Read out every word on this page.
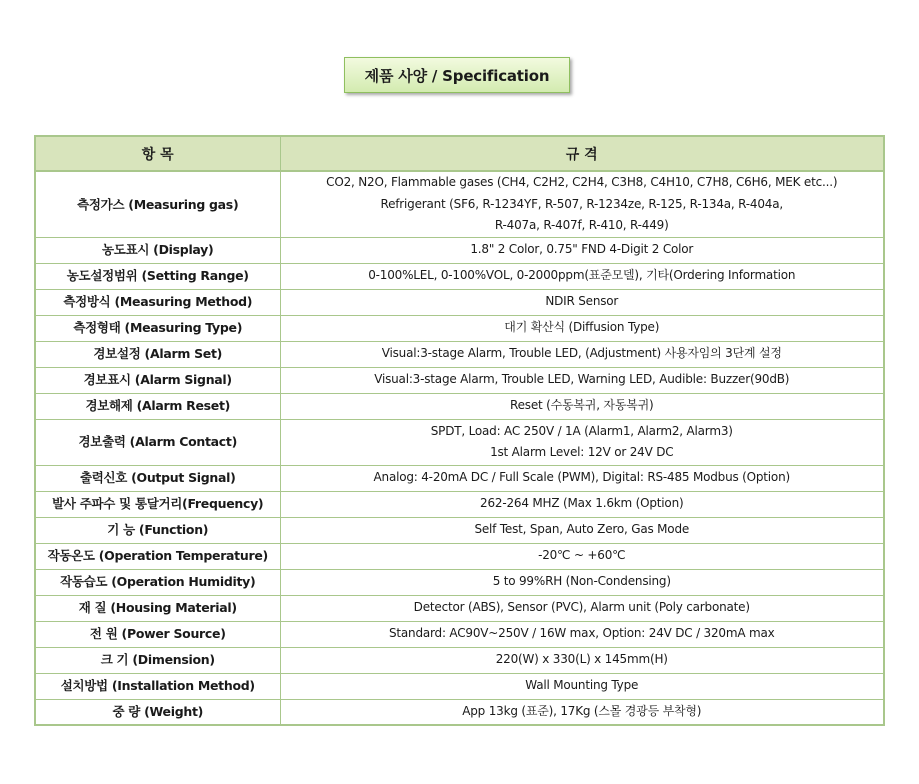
제품 사양 / Specification
항 목	규 격
측정가스 (Measuring gas)	CO2, N2O, Flammable gases (CH4, C2H2, C2H4, C3H8, C4H10, C7H8, C6H6, MEK etc...)
Refrigerant (SF6, R-1234YF, R-507, R-1234ze, R-125, R-134a, R-404a,
R-407a, R-407f, R-410, R-449)

농도표시 (Display)	1.8" 2 Color, 0.75" FND 4-Digit 2 Color

농도설정범위 (Setting Range)	0-100%LEL, 0-100%VOL, 0-2000ppm(표준모델), 기타(Ordering Information

측정방식 (Measuring Method)	NDIR Sensor

측정형태 (Measuring Type)	대기 확산식 (Diffusion Type)

경보설정 (Alarm Set)	Visual:3-stage Alarm, Trouble LED, (Adjustment) 사용자임의 3단계 설정

경보표시 (Alarm Signal)	Visual:3-stage Alarm, Trouble LED, Warning LED, Audible: Buzzer(90dB)

경보해제 (Alarm Reset)	Reset (수동복귀, 자동복귀)

경보출력 (Alarm Contact)	SPDT, Load: AC 250V / 1A (Alarm1, Alarm2, Alarm3)
1st Alarm Level: 12V or 24V DC

출력신호 (Output Signal)	Analog: 4-20mA DC / Full Scale (PWM), Digital: RS-485 Modbus (Option)

발사 주파수 및 통달거리(Frequency)	262-264 MHZ (Max 1.6km (Option)

기 능 (Function)	Self Test, Span, Auto Zero, Gas Mode

작동온도 (Operation Temperature)	-20℃ ~ +60℃

작동습도 (Operation Humidity)	5 to 99%RH (Non-Condensing)

재 질 (Housing Material)	Detector (ABS), Sensor (PVC), Alarm unit (Poly carbonate)

전 원 (Power Source)	Standard: AC90V~250V / 16W max, Option: 24V DC / 320mA max

크 기 (Dimension)	220(W) x 330(L) x 145mm(H)

설치방법 (Installation Method)	Wall Mounting Type

중 량 (Weight)	App 13kg (표준), 17Kg (스몰 경광등 부착형)
